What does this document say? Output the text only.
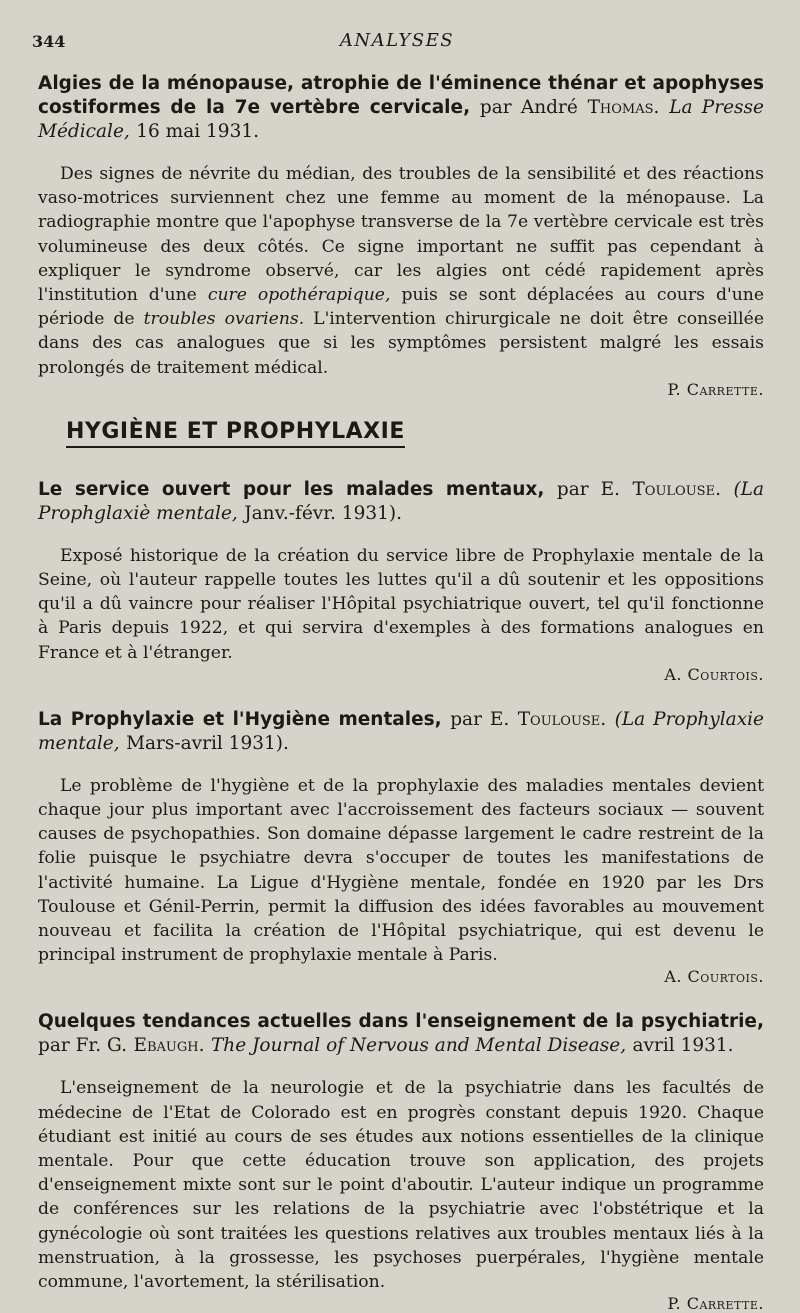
344	ANALYSES

Algies de la ménopause, atrophie de l'éminence thénar et apophyses costiformes de la 7e vertèbre cervicale, par André Thomas. La Presse Médicale, 16 mai 1931.

Des signes de névrite du médian, des troubles de la sensibilité et des réactions vaso-motrices surviennent chez une femme au moment de la ménopause. La radiographie montre que l'apophyse transverse de la 7e vertèbre cervicale est très volumineuse des deux côtés. Ce signe important ne suffit pas cependant à expliquer le syndrome observé, car les algies ont cédé rapidement après l'institution d'une cure opothérapique, puis se sont déplacées au cours d'une période de troubles ovariens. L'intervention chirurgicale ne doit être conseillée dans des cas analogues que si les symptômes persistent malgré les essais prolongés de traitement médical.

P. Carrette.
HYGIÈNE ET PROPHYLAXIE

Le service ouvert pour les malades mentaux, par E. Toulouse. (La Prophglaxiè mentale, Janv.-févr. 1931).

Exposé historique de la création du service libre de Prophylaxie mentale de la Seine, où l'auteur rappelle toutes les luttes qu'il a dû soutenir et les oppositions qu'il a dû vaincre pour réaliser l'Hôpital psychiatrique ouvert, tel qu'il fonctionne à Paris depuis 1922, et qui servira d'exemples à des formations analogues en France et à l'étranger.

A. Courtois.

La Prophylaxie et l'Hygiène mentales, par E. Toulouse. (La Prophylaxie mentale, Mars-avril 1931).

Le problème de l'hygiène et de la prophylaxie des maladies mentales devient chaque jour plus important avec l'accroissement des facteurs sociaux — souvent causes de psychopathies. Son domaine dépasse largement le cadre restreint de la folie puisque le psychiatre devra s'occuper de toutes les manifestations de l'activité humaine. La Ligue d'Hygiène mentale, fondée en 1920 par les Drs Toulouse et Génil-Perrin, permit la diffusion des idées favorables au mouvement nouveau et facilita la création de l'Hôpital psychiatrique, qui est devenu le principal instrument de prophylaxie mentale à Paris.

A. Courtois.

Quelques tendances actuelles dans l'enseignement de la psychiatrie, par Fr. G. Ebaugh. The Journal of Nervous and Mental Disease, avril 1931.

L'enseignement de la neurologie et de la psychiatrie dans les facultés de médecine de l'Etat de Colorado est en progrès constant depuis 1920. Chaque étudiant est initié au cours de ses études aux notions essentielles de la clinique mentale. Pour que cette éducation trouve son application, des projets d'enseignement mixte sont sur le point d'aboutir. L'auteur indique un programme de conférences sur les relations de la psychiatrie avec l'obstétrique et la gynécologie où sont traitées les questions relatives aux troubles mentaux liés à la menstruation, à la grossesse, les psychoses puerpérales, l'hygiène mentale commune, l'avortement, la stérilisation.

P. Carrette.
